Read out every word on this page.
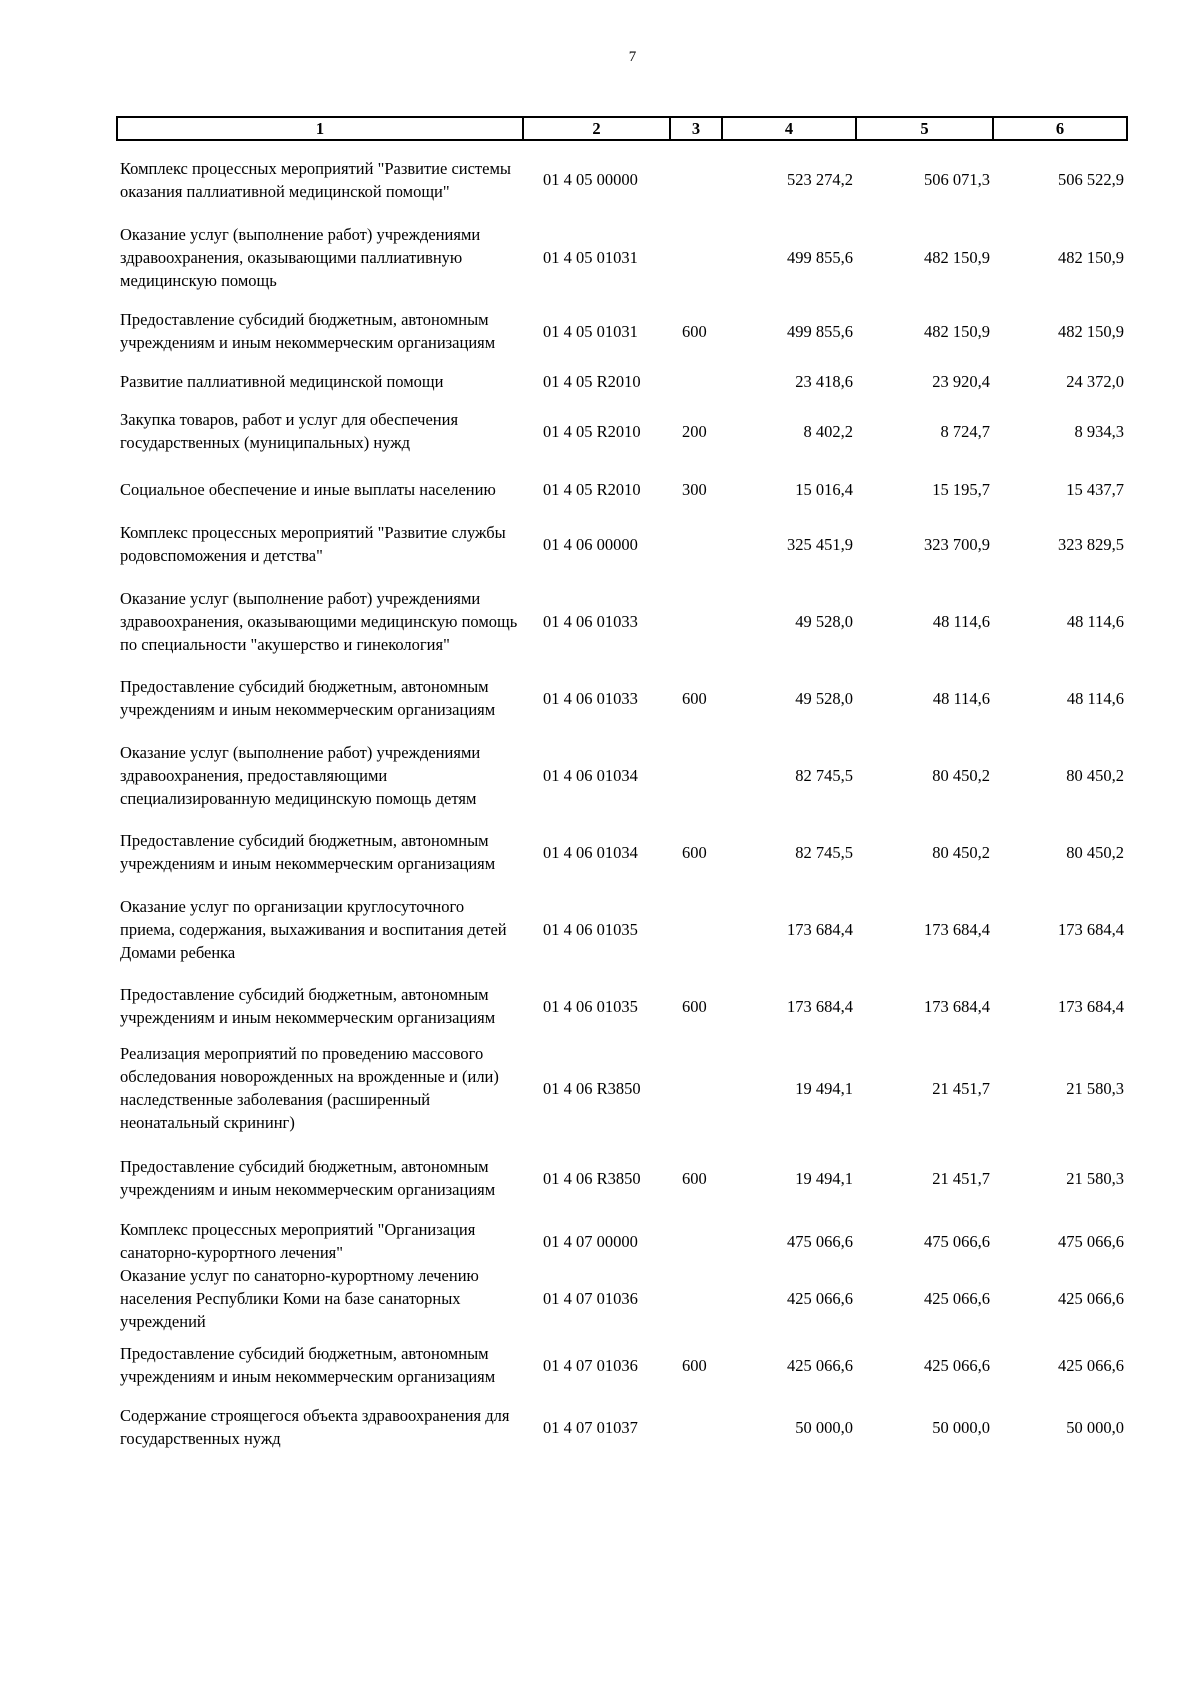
7
1	2	3	4	5	6
Комплекс процессных мероприятий "Развитие системы оказания паллиативной медицинской помощи"	01 4 05 00000		523 274,2	506 071,3	506 522,9
Оказание услуг (выполнение работ) учреждениями здравоохранения, оказывающими паллиативную медицинскую помощь	01 4 05 01031		499 855,6	482 150,9	482 150,9
Предоставление субсидий бюджетным, автономным учреждениям и иным некоммерческим организациям	01 4 05 01031	600	499 855,6	482 150,9	482 150,9
Развитие паллиативной медицинской помощи	01 4 05 R2010		23 418,6	23 920,4	24 372,0
Закупка товаров, работ и услуг для обеспечения государственных (муниципальных) нужд	01 4 05 R2010	200	8 402,2	8 724,7	8 934,3
Социальное обеспечение и иные выплаты населению	01 4 05 R2010	300	15 016,4	15 195,7	15 437,7
Комплекс процессных мероприятий "Развитие службы родовспоможения и детства"	01 4 06 00000		325 451,9	323 700,9	323 829,5
Оказание услуг (выполнение работ) учреждениями здравоохранения, оказывающими медицинскую помощь по специальности "акушерство и гинекология"	01 4 06 01033		49 528,0	48 114,6	48 114,6
Предоставление субсидий бюджетным, автономным учреждениям и иным некоммерческим организациям	01 4 06 01033	600	49 528,0	48 114,6	48 114,6
Оказание услуг (выполнение работ) учреждениями здравоохранения, предоставляющими специализированную медицинскую помощь детям	01 4 06 01034		82 745,5	80 450,2	80 450,2
Предоставление субсидий бюджетным, автономным учреждениям и иным некоммерческим организациям	01 4 06 01034	600	82 745,5	80 450,2	80 450,2
Оказание услуг по организации круглосуточного приема, содержания, выхаживания и воспитания детей Домами ребенка	01 4 06 01035		173 684,4	173 684,4	173 684,4
Предоставление субсидий бюджетным, автономным учреждениям и иным некоммерческим организациям	01 4 06 01035	600	173 684,4	173 684,4	173 684,4
Реализация мероприятий по проведению массового обследования новорожденных на врожденные и (или) наследственные заболевания (расширенный неонатальный скрининг)	01 4 06 R3850		19 494,1	21 451,7	21 580,3
Предоставление субсидий бюджетным, автономным учреждениям и иным некоммерческим организациям	01 4 06 R3850	600	19 494,1	21 451,7	21 580,3
Комплекс процессных мероприятий "Организация санаторно-курортного лечения"	01 4 07 00000		475 066,6	475 066,6	475 066,6
Оказание услуг по санаторно-курортному лечению населения Республики Коми на базе санаторных учреждений	01 4 07 01036		425 066,6	425 066,6	425 066,6
Предоставление субсидий бюджетным, автономным учреждениям и иным некоммерческим организациям	01 4 07 01036	600	425 066,6	425 066,6	425 066,6
Содержание строящегося объекта здравоохранения для государственных нужд	01 4 07 01037		50 000,0	50 000,0	50 000,0
